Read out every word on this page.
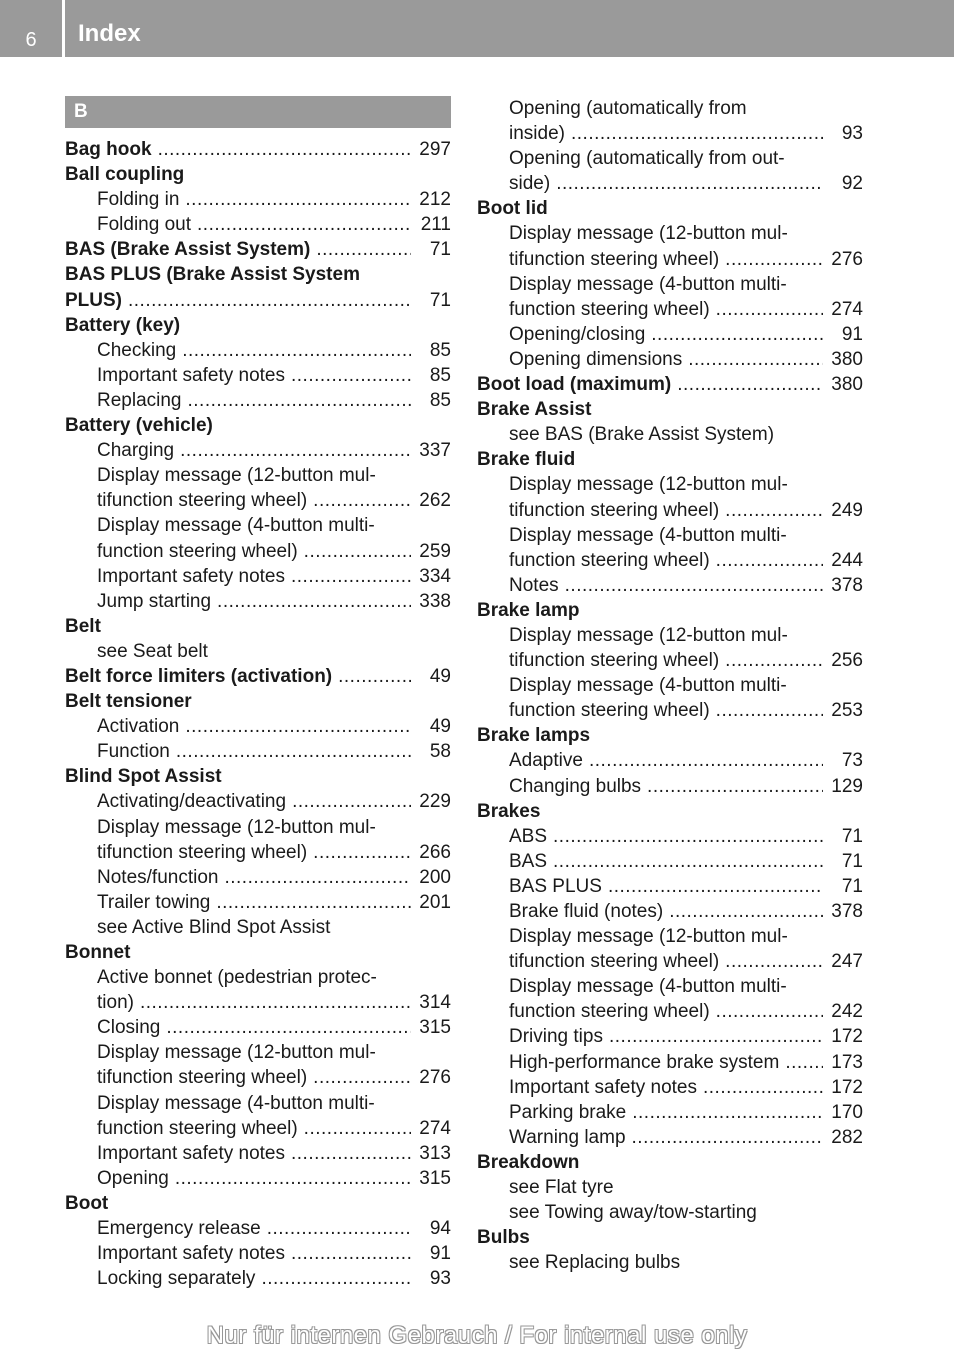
6	Index
B
Bag hook .....	297
Ball coupling
Folding in .....	212
Folding out .....	211
BAS (Brake Assist System) .....	71
BAS PLUS (Brake Assist System
PLUS) .....	71
Battery (key)
Checking .....	85
Important safety notes .....	85
Replacing .....	85
Battery (vehicle)
Charging .....	337
Display message (12-button mul-
tifunction steering wheel) .....	262
Display message (4-button multi-
function steering wheel) .....	259
Important safety notes .....	334
Jump starting .....	338
Belt
see Seat belt
Belt force limiters (activation) .....	49
Belt tensioner
Activation .....	49
Function .....	58
Blind Spot Assist
Activating/deactivating .....	229
Display message (12-button mul-
tifunction steering wheel) .....	266
Notes/function .....	200
Trailer towing .....	201
see Active Blind Spot Assist
Bonnet
Active bonnet (pedestrian protec-
tion) .....	314
Closing .....	315
Display message (12-button mul-
tifunction steering wheel) .....	276
Display message (4-button multi-
function steering wheel) .....	274
Important safety notes .....	313
Opening .....	315
Boot
Emergency release .....	94
Important safety notes .....	91
Locking separately .....	93
Opening (automatically from
inside) .....	93
Opening (automatically from out-
side) .....	92
Boot lid
Display message (12-button mul-
tifunction steering wheel) .....	276
Display message (4-button multi-
function steering wheel) .....	274
Opening/closing .....	91
Opening dimensions .....	380
Boot load (maximum) .....	380
Brake Assist
see BAS (Brake Assist System)
Brake fluid
Display message (12-button mul-
tifunction steering wheel) .....	249
Display message (4-button multi-
function steering wheel) .....	244
Notes .....	378
Brake lamp
Display message (12-button mul-
tifunction steering wheel) .....	256
Display message (4-button multi-
function steering wheel) .....	253
Brake lamps
Adaptive .....	73
Changing bulbs .....	129
Brakes
ABS .....	71
BAS .....	71
BAS PLUS .....	71
Brake fluid (notes) .....	378
Display message (12-button mul-
tifunction steering wheel) .....	247
Display message (4-button multi-
function steering wheel) .....	242
Driving tips .....	172
High-performance brake system .....	173
Important safety notes .....	172
Parking brake .....	170
Warning lamp .....	282
Breakdown
see Flat tyre
see Towing away/tow-starting
Bulbs
see Replacing bulbs
Nur für internen Gebrauch / For internal use only
